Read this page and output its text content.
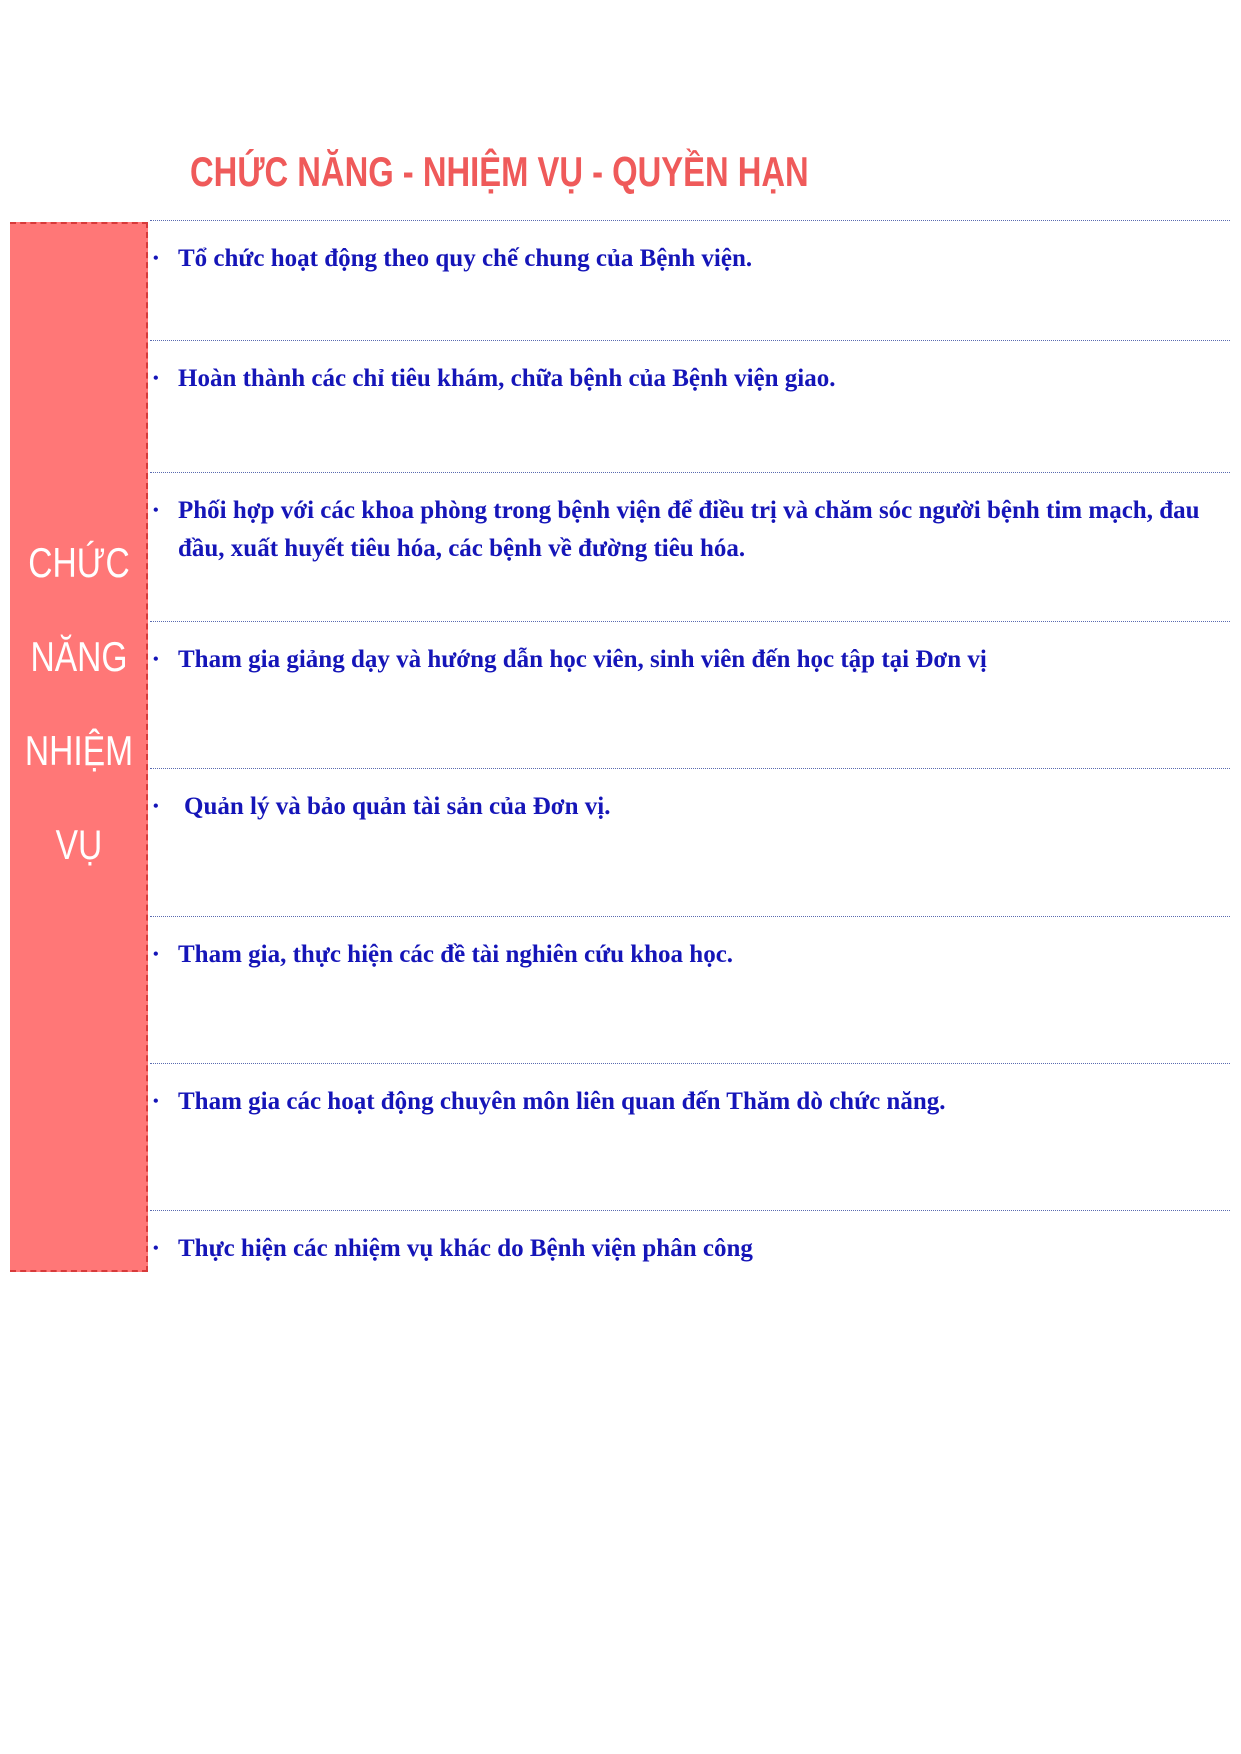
CHỨC NĂNG - NHIỆM VỤ - QUYỀN HẠN
CHỨC
NĂNG
NHIỆM
VỤ
• Tổ chức hoạt động theo quy chế chung của Bệnh viện.
• Hoàn thành các chỉ tiêu khám, chữa bệnh của Bệnh viện giao.
• Phối hợp với các khoa phòng trong bệnh viện để điều trị và chăm sóc người bệnh tim mạch, đau đầu, xuất huyết tiêu hóa, các bệnh về đường tiêu hóa.
• Tham gia giảng dạy và hướng dẫn học viên, sinh viên đến học tập tại Đơn vị
• Quản lý và bảo quản tài sản của Đơn vị.
• Tham gia, thực hiện các đề tài nghiên cứu khoa học.
• Tham gia các hoạt động chuyên môn liên quan đến Thăm dò chức năng.
• Thực hiện các nhiệm vụ khác do Bệnh viện phân công
